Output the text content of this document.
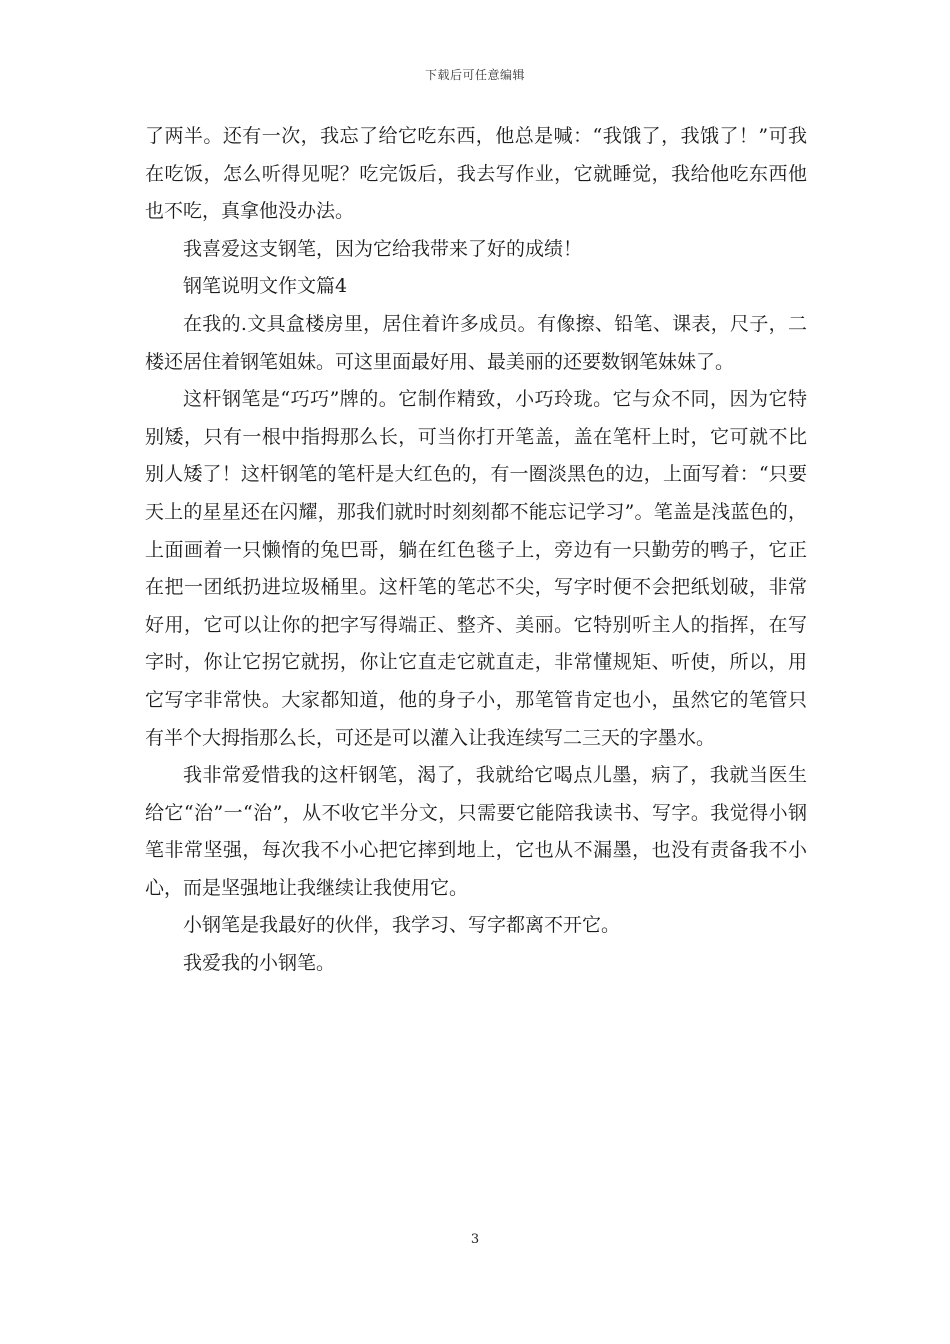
下载后可任意编辑

了两半。还有一次，我忘了给它吃东西，他总是喊：“我饿了，我饿了！”可我在吃饭，怎么听得见呢？吃完饭后，我去写作业，它就睡觉，我给他吃东西他也不吃，真拿他没办法。

我喜爱这支钢笔，因为它给我带来了好的成绩！

钢笔说明文作文篇4

在我的.文具盒楼房里，居住着许多成员。有像擦、铅笔、课表，尺子，二楼还居住着钢笔姐妹。可这里面最好用、最美丽的还要数钢笔妹妹了。

这杆钢笔是“巧巧”牌的。它制作精致，小巧玲珑。它与众不同，因为它特别矮，只有一根中指拇那么长，可当你打开笔盖，盖在笔杆上时，它可就不比别人矮了！这杆钢笔的笔杆是大红色的，有一圈淡黑色的边，上面写着：“只要天上的星星还在闪耀，那我们就时时刻刻都不能忘记学习”。笔盖是浅蓝色的，上面画着一只懒惰的兔巴哥，躺在红色毯子上，旁边有一只勤劳的鸭子，它正在把一团纸扔进垃圾桶里。这杆笔的笔芯不尖，写字时便不会把纸划破，非常好用，它可以让你的把字写得端正、整齐、美丽。它特别听主人的指挥，在写字时，你让它拐它就拐，你让它直走它就直走，非常懂规矩、听使，所以，用它写字非常快。大家都知道，他的身子小，那笔管肯定也小，虽然它的笔管只有半个大拇指那么长，可还是可以灌入让我连续写二三天的字墨水。

我非常爱惜我的这杆钢笔，渴了，我就给它喝点儿墨，病了，我就当医生给它“治”一“治”，从不收它半分文，只需要它能陪我读书、写字。我觉得小钢笔非常坚强，每次我不小心把它摔到地上，它也从不漏墨，也没有责备我不小心，而是坚强地让我继续让我使用它。

小钢笔是我最好的伙伴，我学习、写字都离不开它。

我爱我的小钢笔。

3
